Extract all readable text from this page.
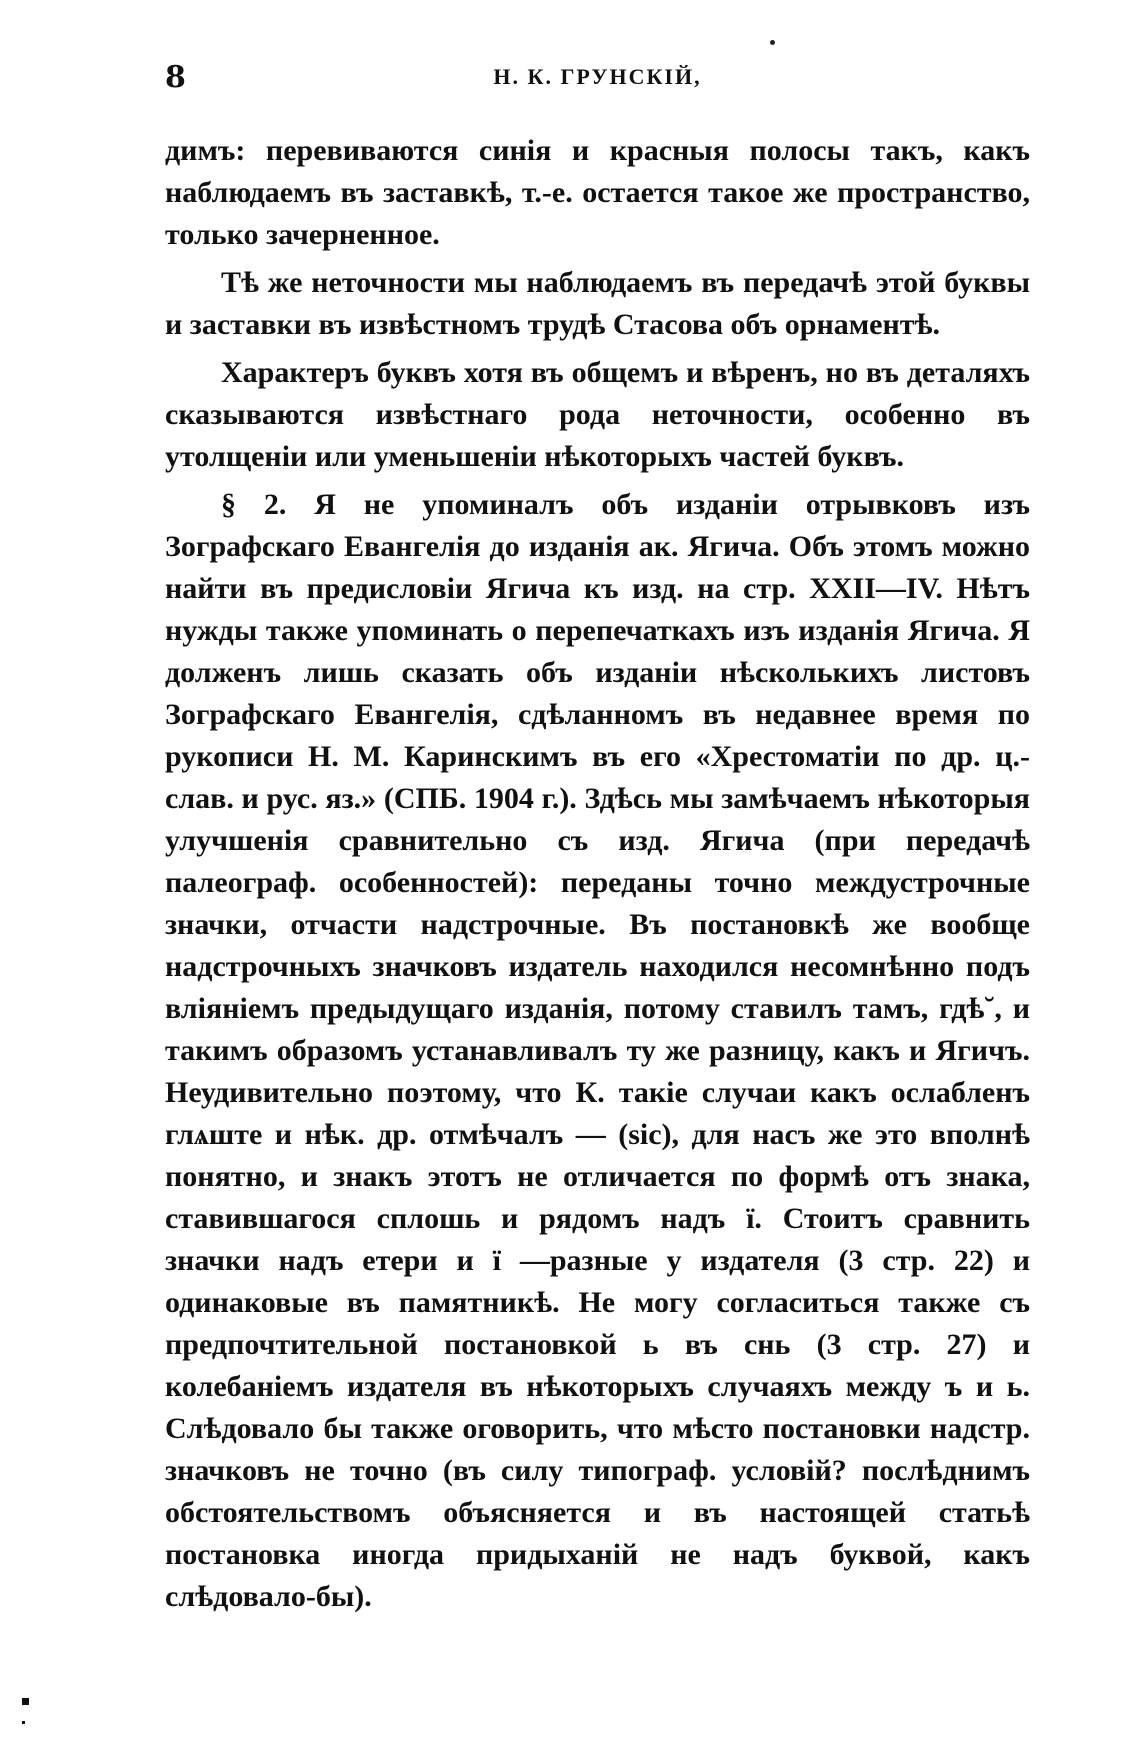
8	Н. К. ГРУНСКІЙ,

димъ: перевиваются синія и красныя полосы такъ, какъ наблюдаемъ въ заставкѣ, т.-е. остается такое же пространство, только зачерненное.

Тѣ же неточности мы наблюдаемъ въ передачѣ этой буквы и заставки въ извѣстномъ трудѣ Стасова объ орнаментѣ.

Характеръ буквъ хотя въ общемъ и вѣренъ, но въ деталяхъ сказываются извѣстнаго рода неточности, особенно въ утолщеніи или уменьшеніи нѣкоторыхъ частей буквъ.

§ 2. Я не упоминалъ объ изданіи отрывковъ изъ Зографскаго Евангелія до изданія ак. Ягича. Объ этомъ можно найти въ предисловіи Ягича къ изд. на стр. XXII—IV. Нѣтъ нужды также упоминать о перепечаткахъ изъ изданія Ягича. Я долженъ лишь сказать объ изданіи нѣсколькихъ листовъ Зографскаго Евангелія, сдѣланномъ въ недавнее время по рукописи Н. М. Каринскимъ въ его «Хрестоматіи по др. ц.-слав. и рус. яз.» (СПБ. 1904 г.). Здѣсь мы замѣчаемъ нѣкоторыя улучшенія сравнительно съ изд. Ягича (при передачѣ палеограф. особенностей): переданы точно междустрочные значки, отчасти надстрочные. Въ постановкѣ же вообще надстрочныхъ значковъ издатель находился несомнѣнно подъ вліяніемъ предыдущаго изданія, потому ставилъ тамъ, гдѣ˘, и такимъ образомъ устанавливалъ ту же разницу, какъ и Ягичъ. Неудивительно поэтому, что К. такіе случаи какъ ослабленъ глѧште и нѣк. др. отмѣчалъ — (sic), для насъ же это вполнѣ понятно, и знакъ этотъ не отличается по формѣ отъ знака, ставившагося сплошь и рядомъ надъ ї. Стоитъ сравнить значки надъ етери и ї —разные у издателя (3 стр. 22) и одинаковые въ памятникѣ. Не могу согласиться также съ предпочтительной постановкой ь въ снь (3 стр. 27) и колебаніемъ издателя въ нѣкоторыхъ случаяхъ между ъ и ь. Слѣдовало бы также оговорить, что мѣсто постановки надстр. значковъ не точно (въ силу типограф. условій? послѣднимъ обстоятельствомъ объясняется и въ настоящей статьѣ постановка иногда придыханій не надъ буквой, какъ слѣдовало-бы).
